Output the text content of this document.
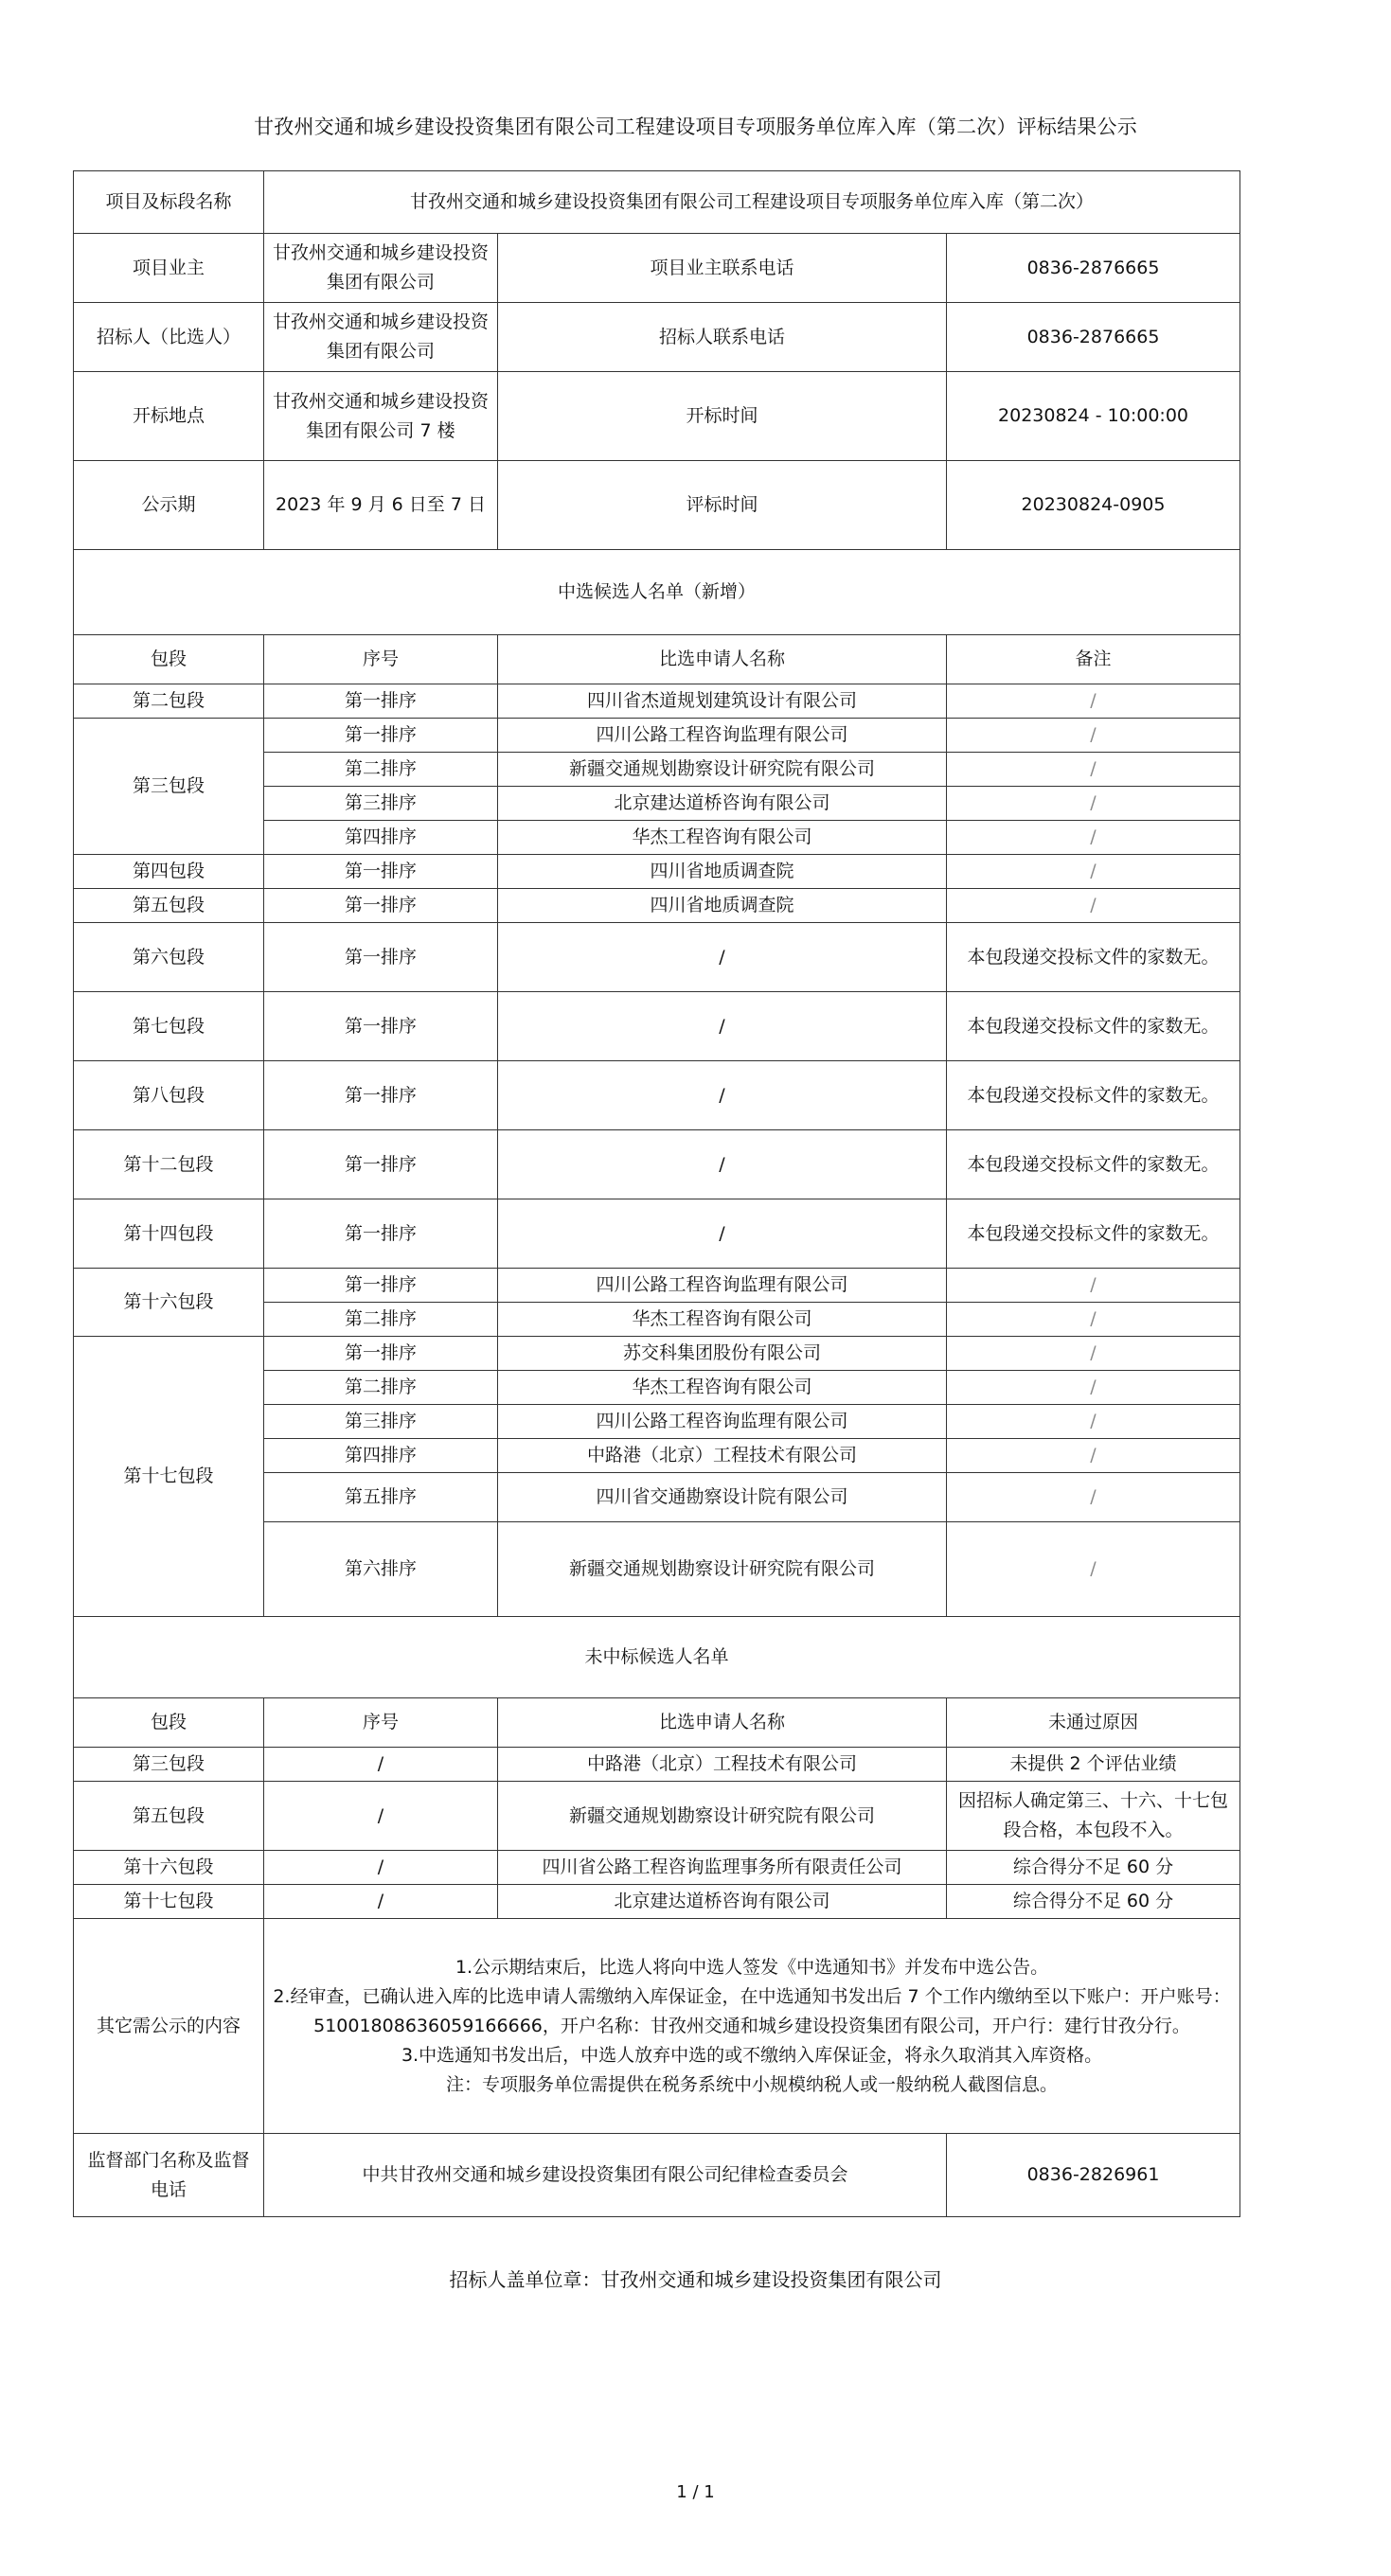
甘孜州交通和城乡建设投资集团有限公司工程建设项目专项服务单位库入库（第二次）评标结果公示
项目及标段名称	甘孜州交通和城乡建设投资集团有限公司工程建设项目专项服务单位库入库（第二次）		
项目业主	甘孜州交通和城乡建设投资集团有限公司	项目业主联系电话	0836-2876665
招标人（比选人）	甘孜州交通和城乡建设投资集团有限公司	招标人联系电话	0836-2876665
开标地点	甘孜州交通和城乡建设投资集团有限公司 7 楼	开标时间	20230824 - 10:00:00
公示期	2023 年 9 月 6 日至 7 日	评标时间	20230824-0905
中选候选人名单（新增）			
包段	序号	比选申请人名称	备注
第二包段	第一排序	四川省杰道规划建筑设计有限公司	/
第三包段	第一排序	四川公路工程咨询监理有限公司	/
	第二排序	新疆交通规划勘察设计研究院有限公司	/
	第三排序	北京建达道桥咨询有限公司	/
	第四排序	华杰工程咨询有限公司	/
第四包段	第一排序	四川省地质调查院	/
第五包段	第一排序	四川省地质调查院	/
第六包段	第一排序	/	本包段递交投标文件的家数无。
第七包段	第一排序	/	本包段递交投标文件的家数无。
第八包段	第一排序	/	本包段递交投标文件的家数无。
第十二包段	第一排序	/	本包段递交投标文件的家数无。
第十四包段	第一排序	/	本包段递交投标文件的家数无。
第十六包段	第一排序	四川公路工程咨询监理有限公司	/
	第二排序	华杰工程咨询有限公司	/
第十七包段	第一排序	苏交科集团股份有限公司	/
	第二排序	华杰工程咨询有限公司	/
	第三排序	四川公路工程咨询监理有限公司	/
	第四排序	中路港（北京）工程技术有限公司	/
	第五排序	四川省交通勘察设计院有限公司	/
	第六排序	新疆交通规划勘察设计研究院有限公司	/
未中标候选人名单			
包段	序号	比选申请人名称	未通过原因
第三包段	/	中路港（北京）工程技术有限公司	未提供 2 个评估业绩
第五包段	/	新疆交通规划勘察设计研究院有限公司	因招标人确定第三、十六、十七包段合格，本包段不入。
第十六包段	/	四川省公路工程咨询监理事务所有限责任公司	综合得分不足 60 分
第十七包段	/	北京建达道桥咨询有限公司	综合得分不足 60 分
其它需公示的内容	1.公示期结束后，比选人将向中选人签发《中选通知书》并发布中选公告。
2.经审查，已确认进入库的比选申请人需缴纳入库保证金，在中选通知书发出后 7 个工作内缴纳至以下账户：开户账号：51001808636059166666，开户名称：甘孜州交通和城乡建设投资集团有限公司，开户行：建行甘孜分行。
3.中选通知书发出后，中选人放弃中选的或不缴纳入库保证金，将永久取消其入库资格。
注：专项服务单位需提供在税务系统中小规模纳税人或一般纳税人截图信息。		

监督部门名称及监督电话	中共甘孜州交通和城乡建设投资集团有限公司纪律检查委员会		0836-2826961
招标人盖单位章：甘孜州交通和城乡建设投资集团有限公司
1 / 1
